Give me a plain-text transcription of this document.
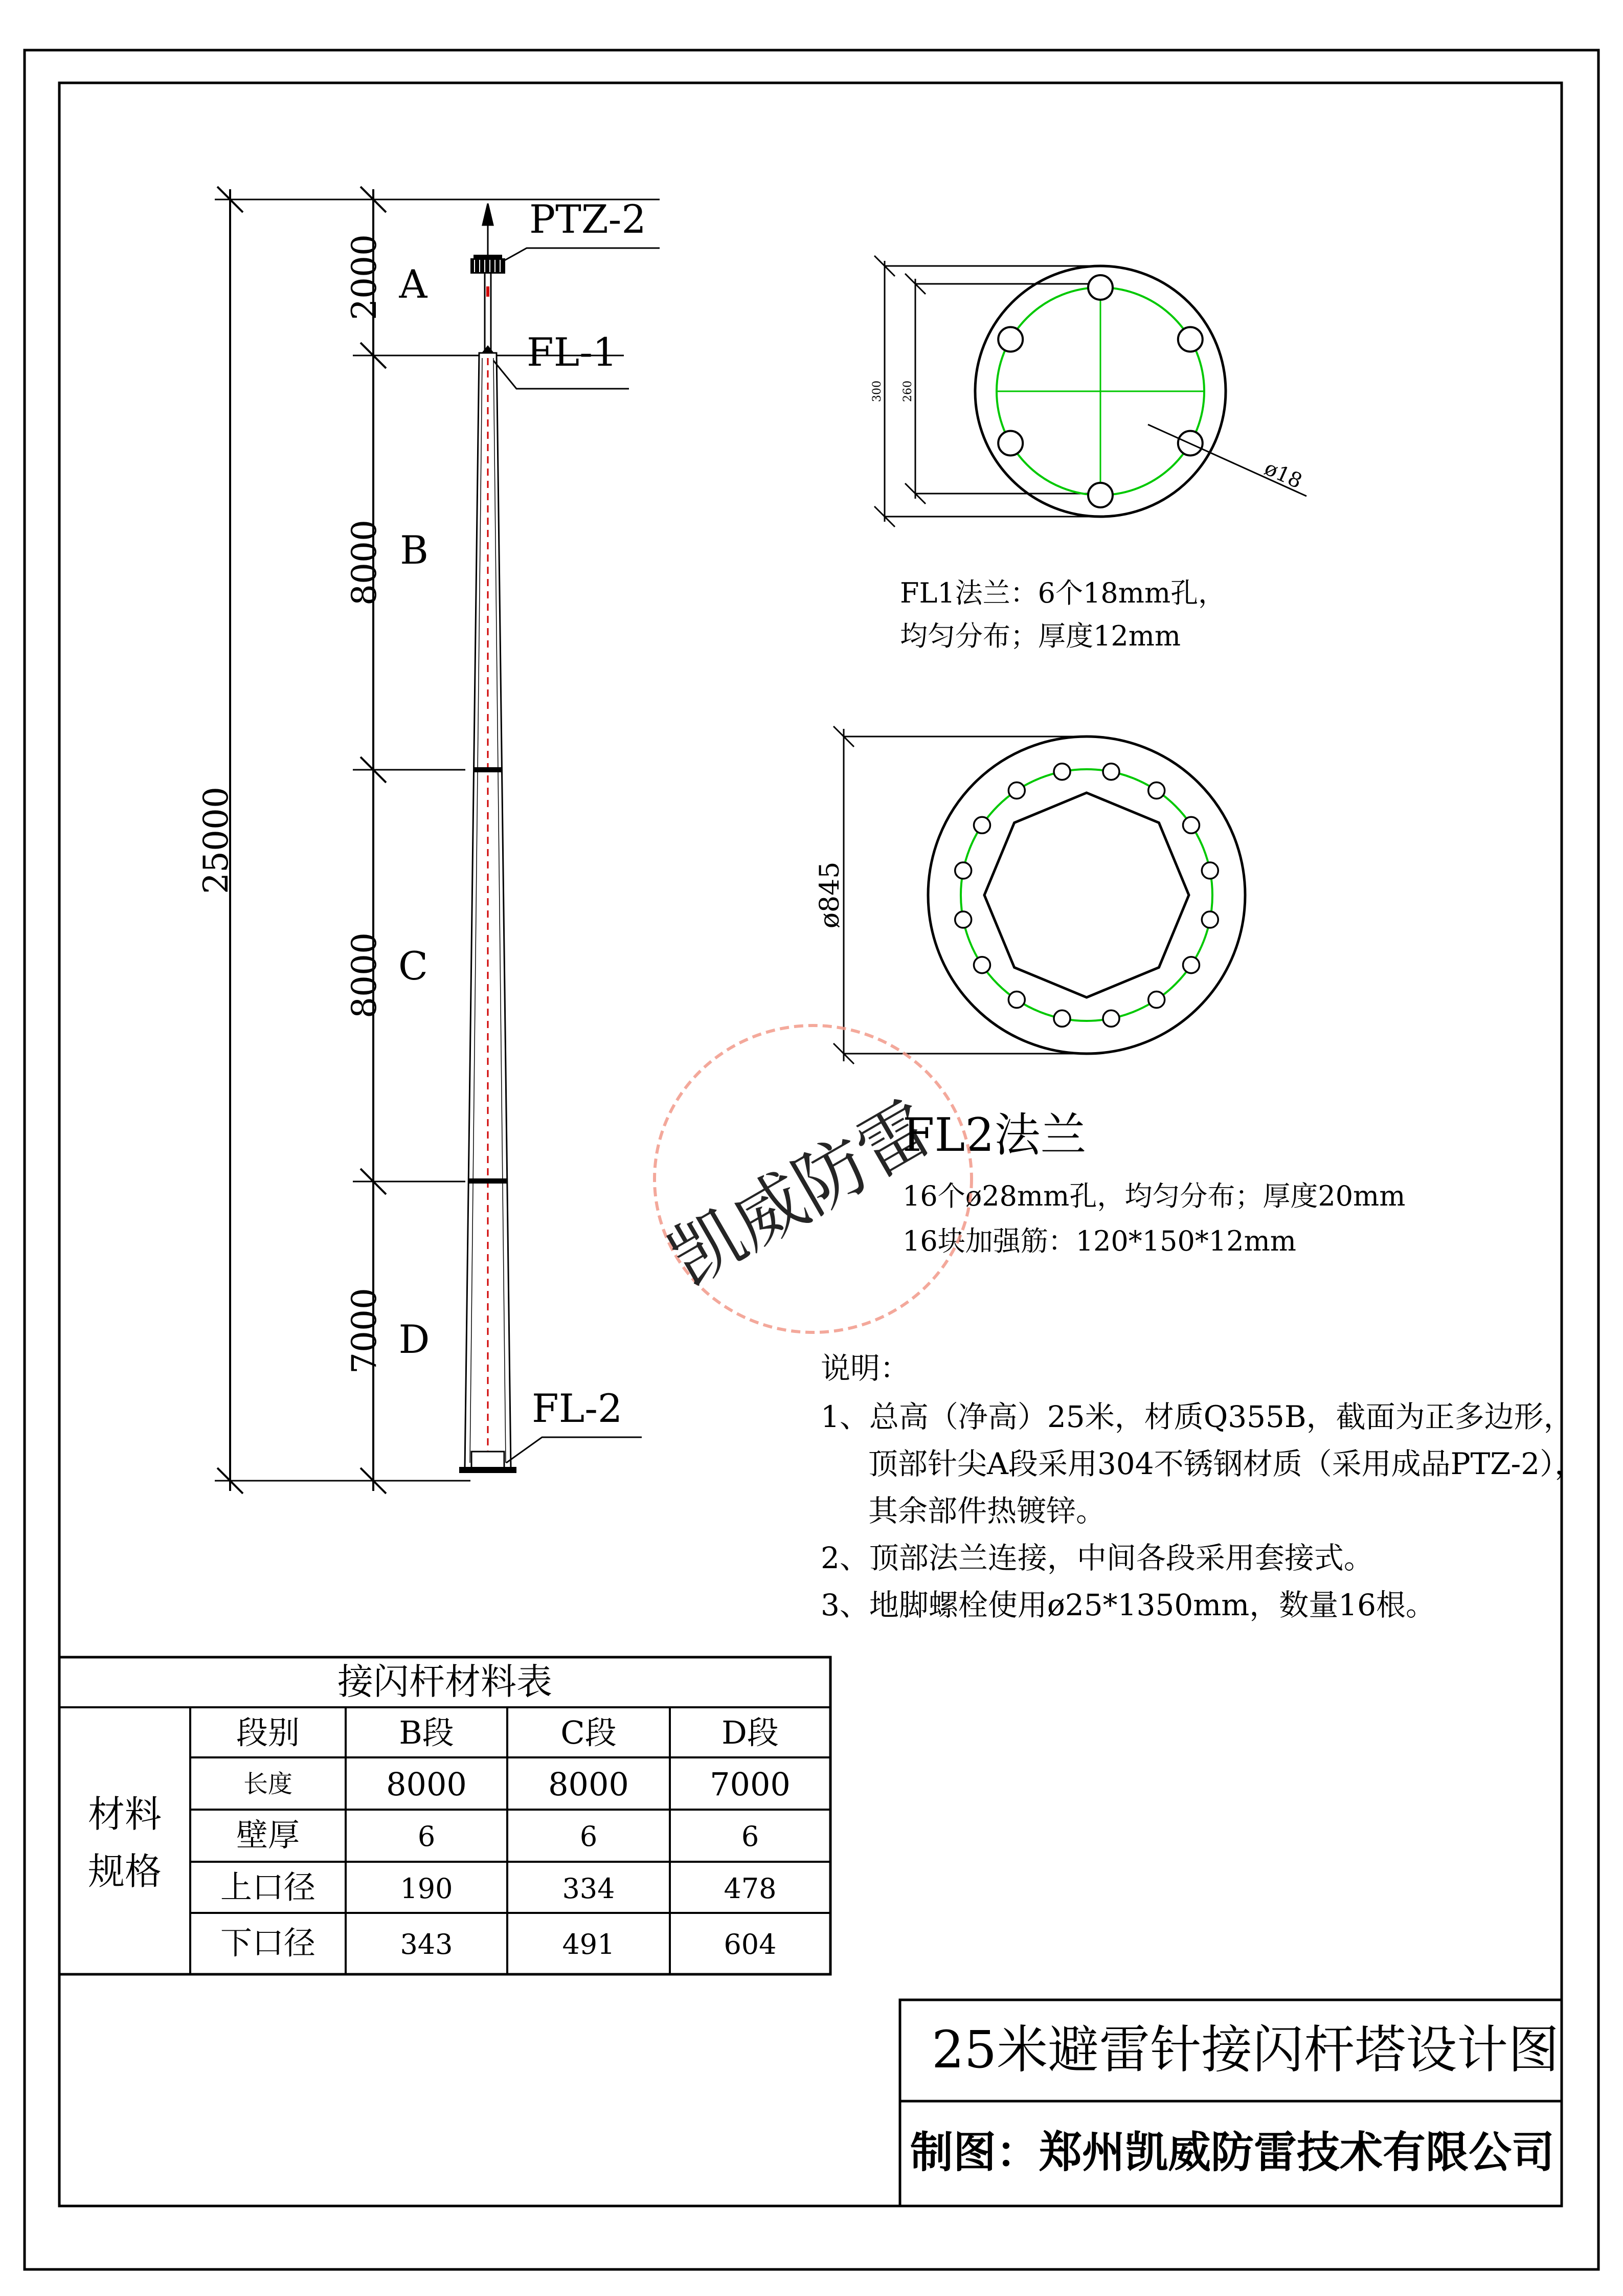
25000
2000
8000
8000
7000
A
B
C
D
PTZ-2
FL-1
FL-2
300 260
ø18
FL1法兰：6个18mm孔，
均匀分布；厚度12mm
ø845
FL2法兰
16个ø28mm孔，均匀分布；厚度20mm
16块加强筋：120*150*12mm
凯威防雷
说明：
1、总高（净高）25米，材质Q355B，截面为正多边形，
顶部针尖A段采用304不锈钢材质（采用成品PTZ-2），
其余部件热镀锌。
2、顶部法兰连接，中间各段采用套接式。
3、地脚螺栓使用ø25*1350mm，数量16根。
接闪杆材料表
材料
规格
段别	B段	C段	D段
长度	8000	8000	7000
壁厚	6	6	6
上口径	190	334	478
下口径	343	491	604
25米避雷针接闪杆塔设计图
制图：郑州凯威防雷技术有限公司
